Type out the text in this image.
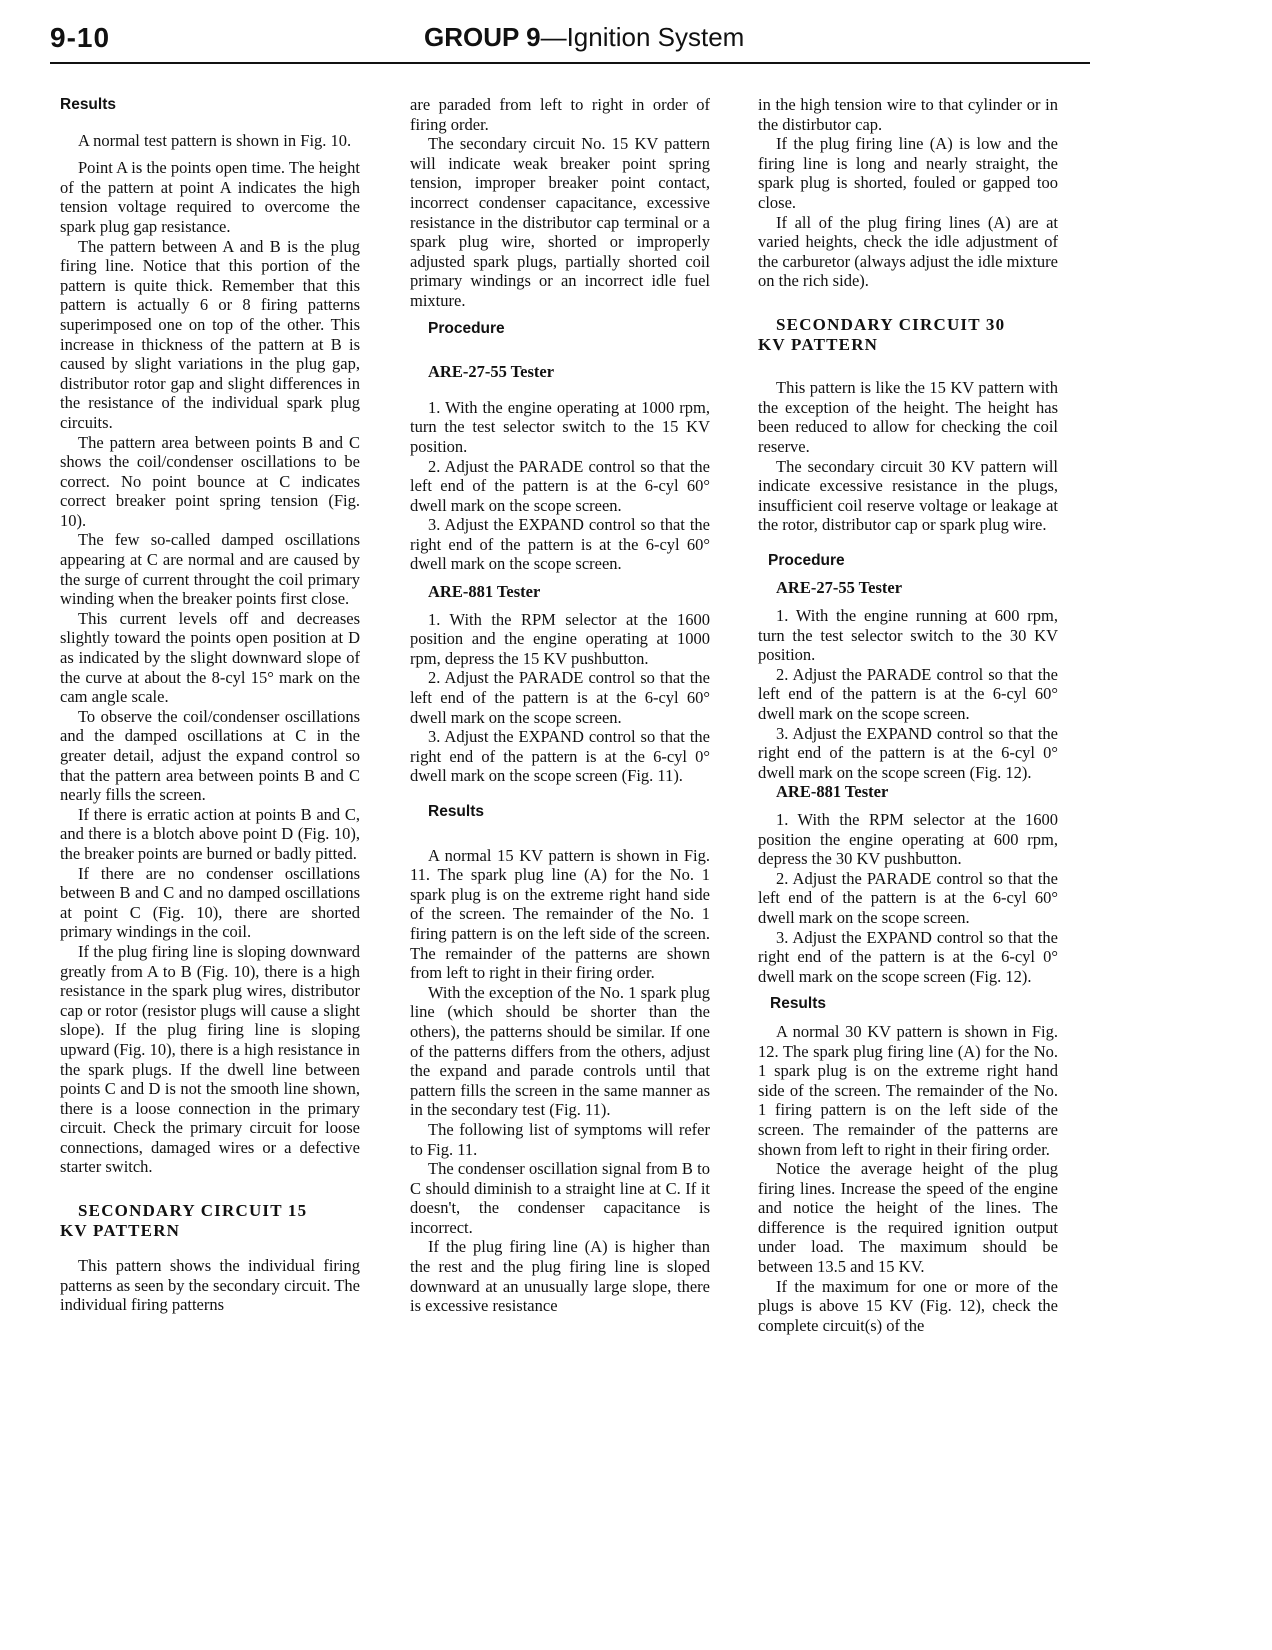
9-10	GROUP 9—Ignition System
Results

A normal test pattern is shown in Fig. 10.

Point A is the points open time. The height of the pattern at point A indicates the high tension voltage required to overcome the spark plug gap resistance.

The pattern between A and B is the plug firing line. Notice that this portion of the pattern is quite thick. Remember that this pattern is actually 6 or 8 firing patterns superimposed one on top of the other. This increase in thickness of the pattern at B is caused by slight variations in the plug gap, distributor rotor gap and slight differences in the resistance of the individual spark plug circuits.

The pattern area between points B and C shows the coil/condenser oscillations to be correct. No point bounce at C indicates correct breaker point spring tension (Fig. 10).

The few so-called damped oscillations appearing at C are normal and are caused by the surge of current throught the coil primary winding when the breaker points first close.

This current levels off and decreases slightly toward the points open position at D as indicated by the slight downward slope of the curve at about the 8-cyl 15° mark on the cam angle scale.

To observe the coil/condenser oscillations and the damped oscillations at C in the greater detail, adjust the expand control so that the pattern area between points B and C nearly fills the screen.

If there is erratic action at points B and C, and there is a blotch above point D (Fig. 10), the breaker points are burned or badly pitted.

If there are no condenser oscillations between B and C and no damped oscillations at point C (Fig. 10), there are shorted primary windings in the coil.

If the plug firing line is sloping downward greatly from A to B (Fig. 10), there is a high resistance in the spark plug wires, distributor cap or rotor (resistor plugs will cause a slight slope). If the plug firing line is sloping upward (Fig. 10), there is a high resistance in the spark plugs. If the dwell line between points C and D is not the smooth line shown, there is a loose connection in the primary circuit. Check the primary circuit for loose connections, damaged wires or a defective starter switch.

SECONDARY CIRCUIT 15
KV PATTERN

This pattern shows the individual firing patterns as seen by the secondary circuit. The individual firing patterns

are paraded from left to right in order of firing order.

The secondary circuit No. 15 KV pattern will indicate weak breaker point spring tension, improper breaker point contact, incorrect condenser capacitance, excessive resistance in the distributor cap terminal or a spark plug wire, shorted or improperly adjusted spark plugs, partially shorted coil primary windings or an incorrect idle fuel mixture.

Procedure
ARE-27-55 Tester

1. With the engine operating at 1000 rpm, turn the test selector switch to the 15 KV position.

2. Adjust the PARADE control so that the left end of the pattern is at the 6-cyl 60° dwell mark on the scope screen.

3. Adjust the EXPAND control so that the right end of the pattern is at the 6-cyl 60° dwell mark on the scope screen.

ARE-881 Tester

1. With the RPM selector at the 1600 position and the engine operating at 1000 rpm, depress the 15 KV pushbutton.

2. Adjust the PARADE control so that the left end of the pattern is at the 6-cyl 60° dwell mark on the scope screen.

3. Adjust the EXPAND control so that the right end of the pattern is at the 6-cyl 0° dwell mark on the scope screen (Fig. 11).

Results

A normal 15 KV pattern is shown in Fig. 11. The spark plug line (A) for the No. 1 spark plug is on the extreme right hand side of the screen. The remainder of the No. 1 firing pattern is on the left side of the screen. The remainder of the patterns are shown from left to right in their firing order.

With the exception of the No. 1 spark plug line (which should be shorter than the others), the patterns should be similar. If one of the patterns differs from the others, adjust the expand and parade controls until that pattern fills the screen in the same manner as in the secondary test (Fig. 11).

The following list of symptoms will refer to Fig. 11.

The condenser oscillation signal from B to C should diminish to a straight line at C. If it doesn't, the condenser capacitance is incorrect.

If the plug firing line (A) is higher than the rest and the plug firing line is sloped downward at an unusually large slope, there is excessive resistance

in the high tension wire to that cylinder or in the distirbutor cap.

If the plug firing line (A) is low and the firing line is long and nearly straight, the spark plug is shorted, fouled or gapped too close.

If all of the plug firing lines (A) are at varied heights, check the idle adjustment of the carburetor (always adjust the idle mixture on the rich side).

SECONDARY CIRCUIT 30
KV PATTERN

This pattern is like the 15 KV pattern with the exception of the height. The height has been reduced to allow for checking the coil reserve.

The secondary circuit 30 KV pattern will indicate excessive resistance in the plugs, insufficient coil reserve voltage or leakage at the rotor, distributor cap or spark plug wire.

Procedure
ARE-27-55 Tester

1. With the engine running at 600 rpm, turn the test selector switch to the 30 KV position.

2. Adjust the PARADE control so that the left end of the pattern is at the 6-cyl 60° dwell mark on the scope screen.

3. Adjust the EXPAND control so that the right end of the pattern is at the 6-cyl 0° dwell mark on the scope screen (Fig. 12).

ARE-881 Tester

1. With the RPM selector at the 1600 position the engine operating at 600 rpm, depress the 30 KV pushbutton.

2. Adjust the PARADE control so that the left end of the pattern is at the 6-cyl 60° dwell mark on the scope screen.

3. Adjust the EXPAND control so that the right end of the pattern is at the 6-cyl 0° dwell mark on the scope screen (Fig. 12).

Results

A normal 30 KV pattern is shown in Fig. 12. The spark plug firing line (A) for the No. 1 spark plug is on the extreme right hand side of the screen. The remainder of the No. 1 firing pattern is on the left side of the screen. The remainder of the patterns are shown from left to right in their firing order.

Notice the average height of the plug firing lines. Increase the speed of the engine and notice the height of the lines. The difference is the required ignition output under load. The maximum should be between 13.5 and 15 KV.

If the maximum for one or more of the plugs is above 15 KV (Fig. 12), check the complete circuit(s) of the
